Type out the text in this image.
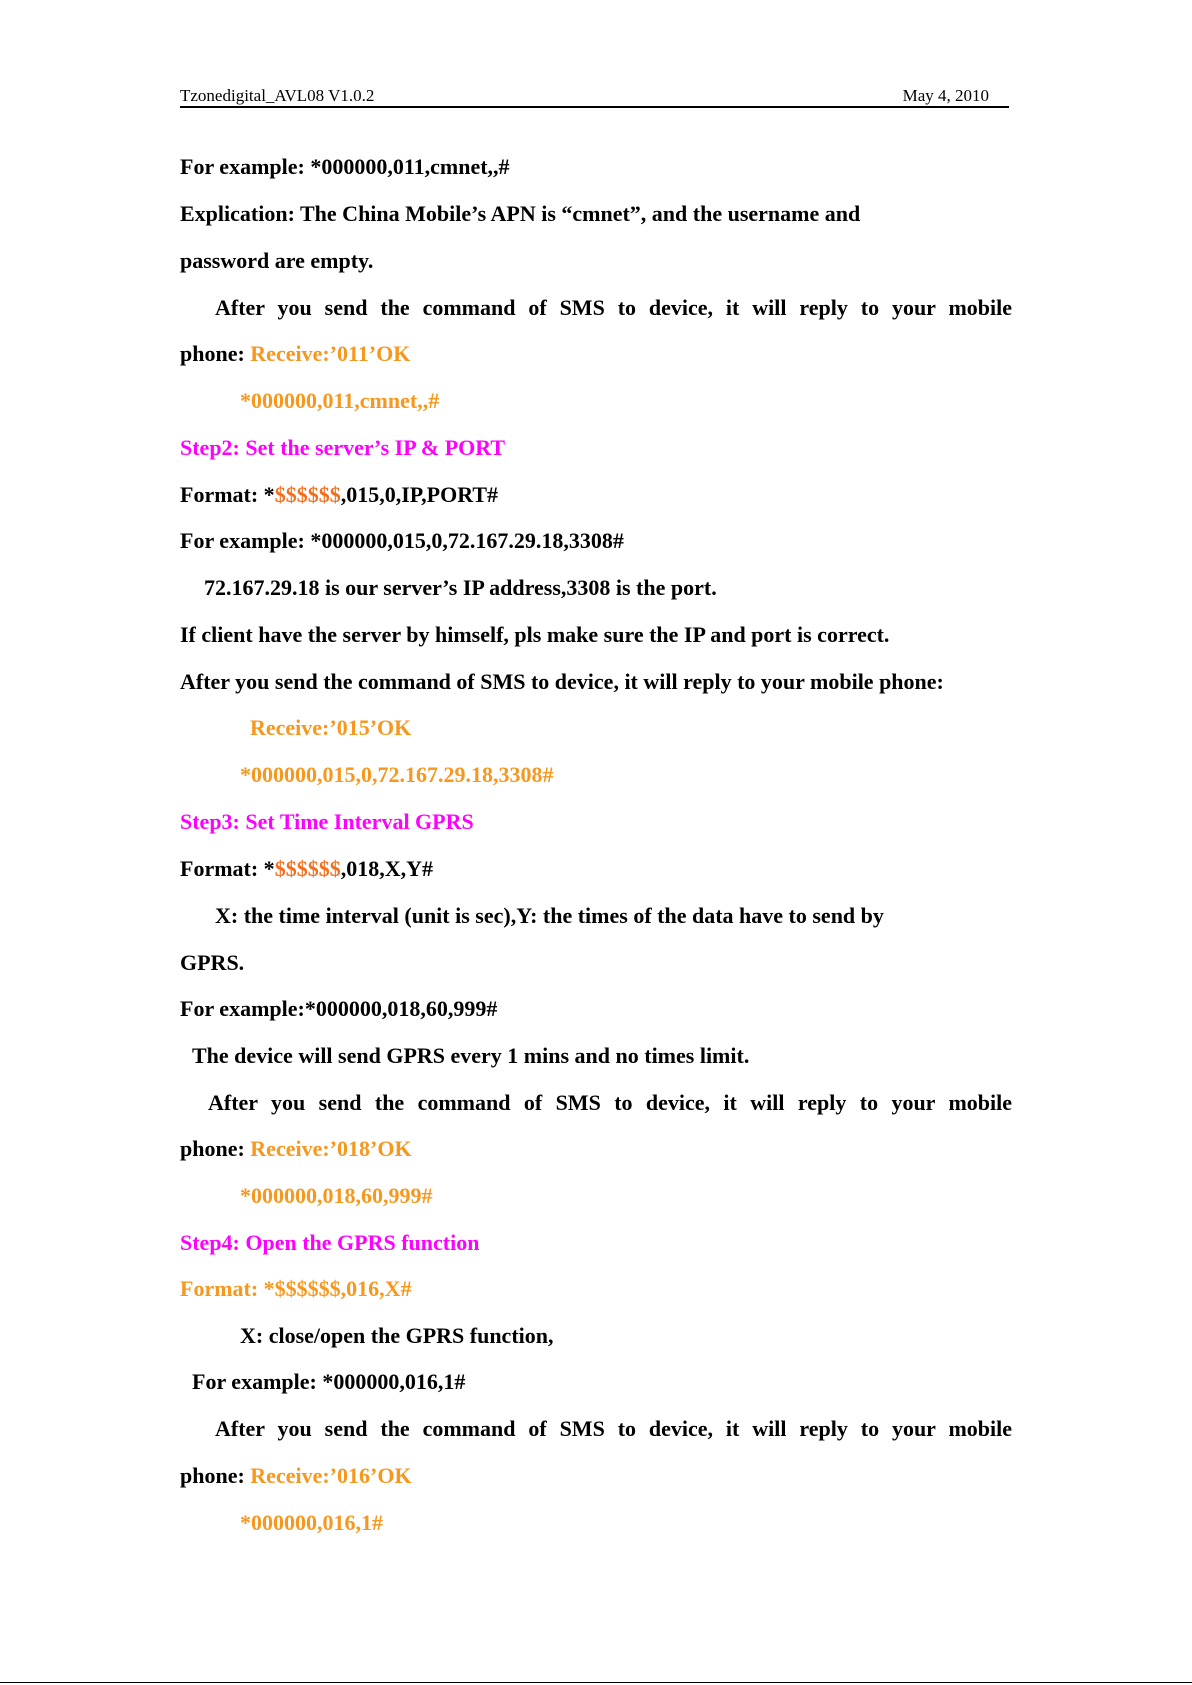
Tzonedigital_AVL08 V1.0.2	May 4, 2010
For example: *000000,011,cmnet,,#
Explication: The China Mobile’s APN is “cmnet”, and the username and
password are empty.
After you send the command of SMS to device, it will reply to your mobile
phone: Receive:’011’OK
*000000,011,cmnet,,#
Step2: Set the server’s IP & PORT
Format: *$$$$$$,015,0,IP,PORT#
For example: *000000,015,0,72.167.29.18,3308#
72.167.29.18 is our server’s IP address,3308 is the port.
If client have the server by himself, pls make sure the IP and port is correct.
After you send the command of SMS to device, it will reply to your mobile phone:
Receive:’015’OK
*000000,015,0,72.167.29.18,3308#
Step3: Set Time Interval GPRS
Format: *$$$$$$,018,X,Y#
X: the time interval (unit is sec),Y: the times of the data have to send by
GPRS.
For example:*000000,018,60,999#
The device will send GPRS every 1 mins and no times limit.
After you send the command of SMS to device, it will reply to your mobile
phone: Receive:’018’OK
*000000,018,60,999#
Step4: Open the GPRS function
Format: *$$$$$$,016,X#
X: close/open the GPRS function,
For example: *000000,016,1#
After you send the command of SMS to device, it will reply to your mobile
phone: Receive:’016’OK
*000000,016,1#
